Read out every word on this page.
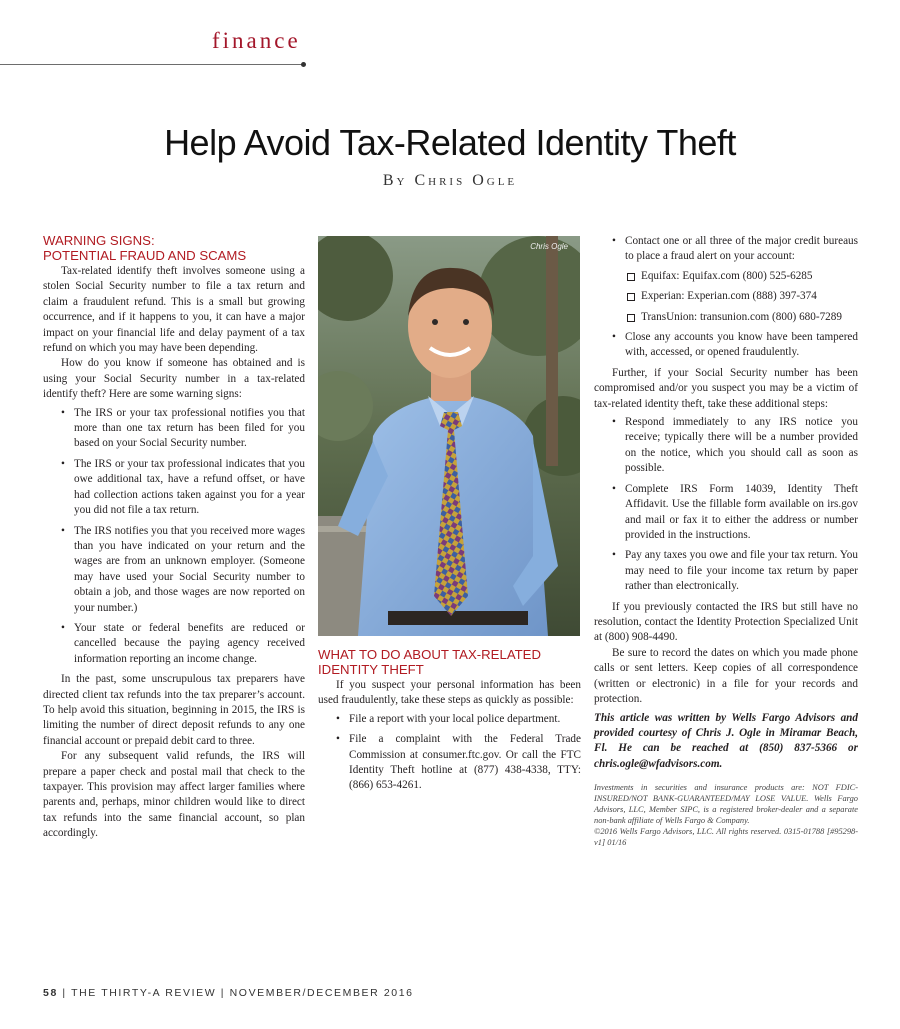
finance
Help Avoid Tax-Related Identity Theft
By Chris Ogle
WARNING SIGNS:
POTENTIAL FRAUD AND SCAMS

Tax-related identify theft involves someone using a stolen Social Security number to file a tax return and claim a fraudulent refund. This is a small but growing occurrence, and if it happens to you, it can have a major impact on your financial life and delay payment of a tax refund on which you may have been depending.

How do you know if someone has obtained and is using your Social Security number in a tax-related identify theft? Here are some warning signs:

• The IRS or your tax professional notifies you that more than one tax return has been filed for you based on your Social Security number.
• The IRS or your tax professional indicates that you owe additional tax, have a refund offset, or have had collection actions taken against you for a year you did not file a tax return.
• The IRS notifies you that you received more wages than you have indicated on your return and the wages are from an unknown employer. (Someone may have used your Social Security number to obtain a job, and those wages are now reported on your number.)
• Your state or federal benefits are reduced or cancelled because the paying agency received information reporting an income change.

In the past, some unscrupulous tax preparers have directed client tax refunds into the tax preparer’s account. To help avoid this situation, beginning in 2015, the IRS is limiting the number of direct deposit refunds to any one financial account or prepaid debit card to three.

For any subsequent valid refunds, the IRS will prepare a paper check and postal mail that check to the taxpayer. This provision may affect larger families where parents and, perhaps, minor children would like to direct tax refunds into the same financial account, so plan accordingly.

Chris Ogle
WHAT TO DO ABOUT TAX-RELATED
IDENTITY THEFT

If you suspect your personal information has been used fraudulently, take these steps as quickly as possible:

• File a report with your local police department.
• File a complaint with the Federal Trade Commission at consumer.ftc.gov. Or call the FTC Identity Theft hotline at (877) 438-4338, TTY: (866) 653-4261.
• Contact one or all three of the major credit bureaus to place a fraud alert on your account:
Equifax: Equifax.com (800) 525-6285
Experian: Experian.com (888) 397-374
TransUnion: transunion.com (800) 680-7289
• Close any accounts you know have been tampered with, accessed, or opened fraudulently.

Further, if your Social Security number has been compromised and/or you suspect you may be a victim of tax-related identity theft, take these additional steps:

• Respond immediately to any IRS notice you receive; typically there will be a number provided on the notice, which you should call as soon as possible.
• Complete IRS Form 14039, Identity Theft Affidavit. Use the fillable form available on irs.gov and mail or fax it to either the address or number provided in the instructions.
• Pay any taxes you owe and file your tax return. You may need to file your income tax return by paper rather than electronically.

If you previously contacted the IRS but still have no resolution, contact the Identity Protection Specialized Unit at (800) 908-4490.

Be sure to record the dates on which you made phone calls or sent letters. Keep copies of all correspondence (written or electronic) in a file for your records and protection.

This article was written by Wells Fargo Advisors and provided courtesy of Chris J. Ogle in Miramar Beach, Fl. He can be reached at (850) 837-5366 or chris.ogle@wfadvisors.com.

Investments in securities and insurance products are: NOT FDIC-INSURED/NOT BANK-GUARANTEED/MAY LOSE VALUE. Wells Fargo Advisors, LLC, Member SIPC, is a registered broker-dealer and a separate non-bank affiliate of Wells Fargo & Company.

©2016 Wells Fargo Advisors, LLC. All rights reserved. 0315-01788 [#95298-v1] 01/16

58 | THE THIRTY-A REVIEW | NOVEMBER/DECEMBER 2016
